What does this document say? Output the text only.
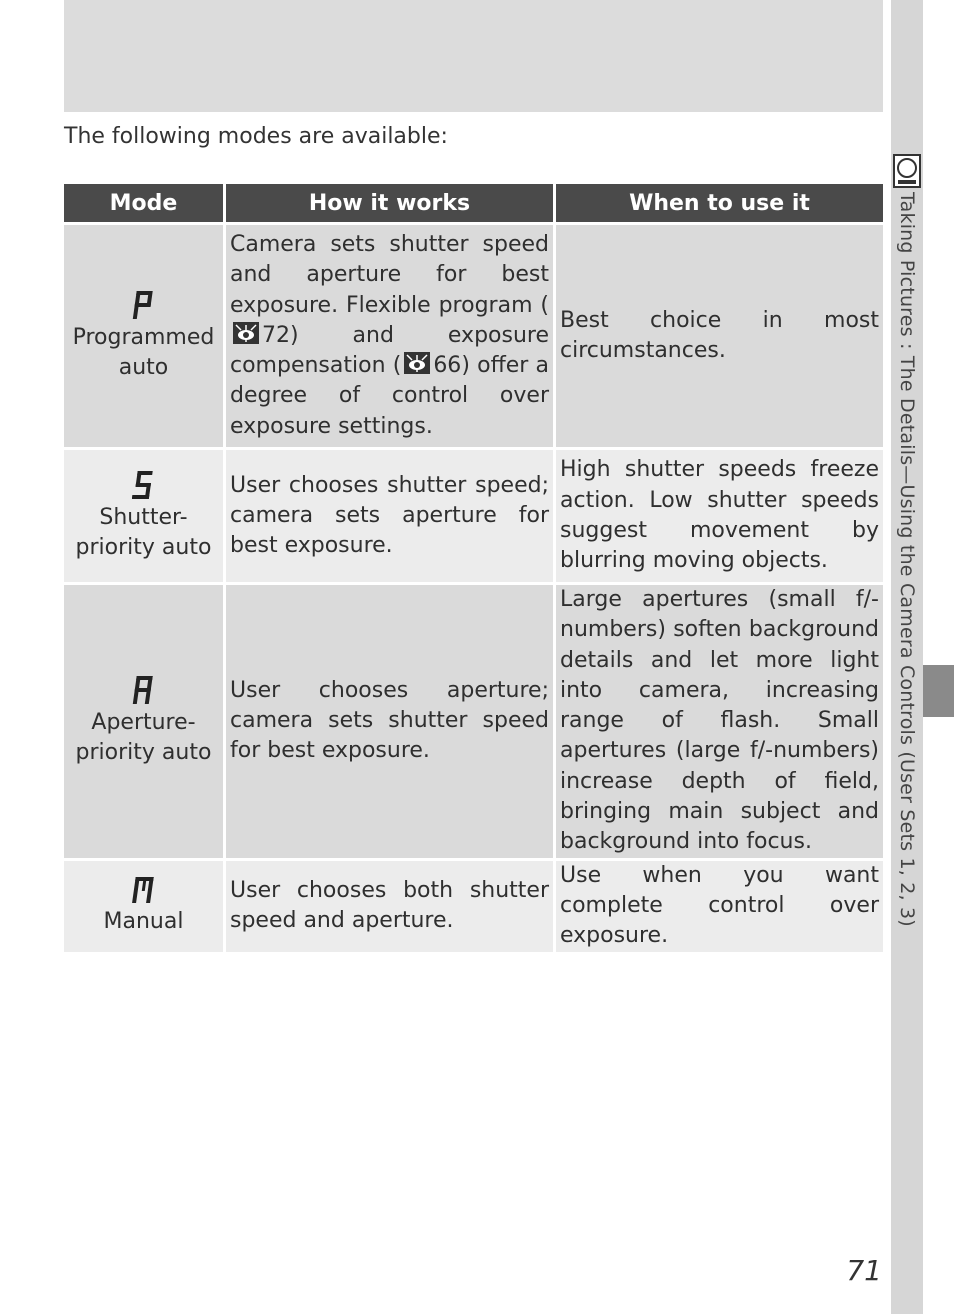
The following modes are available:
Mode	How it works	When to use it

Programmed
auto	Camera sets shutter speed and aperture for best exposure. Flexible program (72) and exposure compensation ( 66) offer a degree of control over exposure settings.	Best choice in most circumstances.

Shutter-
priority auto	User chooses shutter speed; camera sets aperture for best exposure.	High shutter speeds freeze action. Low shutter speeds suggest movement by blurring moving objects.

Aperture-
priority auto	User chooses aperture; camera sets shutter speed for best exposure.	Large apertures (small f/-numbers) soften background details and let more light into camera, increasing range of flash. Small apertures (large f/-numbers) increase depth of field, bringing main subject and background into focus.

Manual	User chooses both shutter speed and aperture.	Use when you want complete control over exposure.
Taking Pictures : The Details—Using the Camera Controls (User Sets 1, 2, 3)
71
